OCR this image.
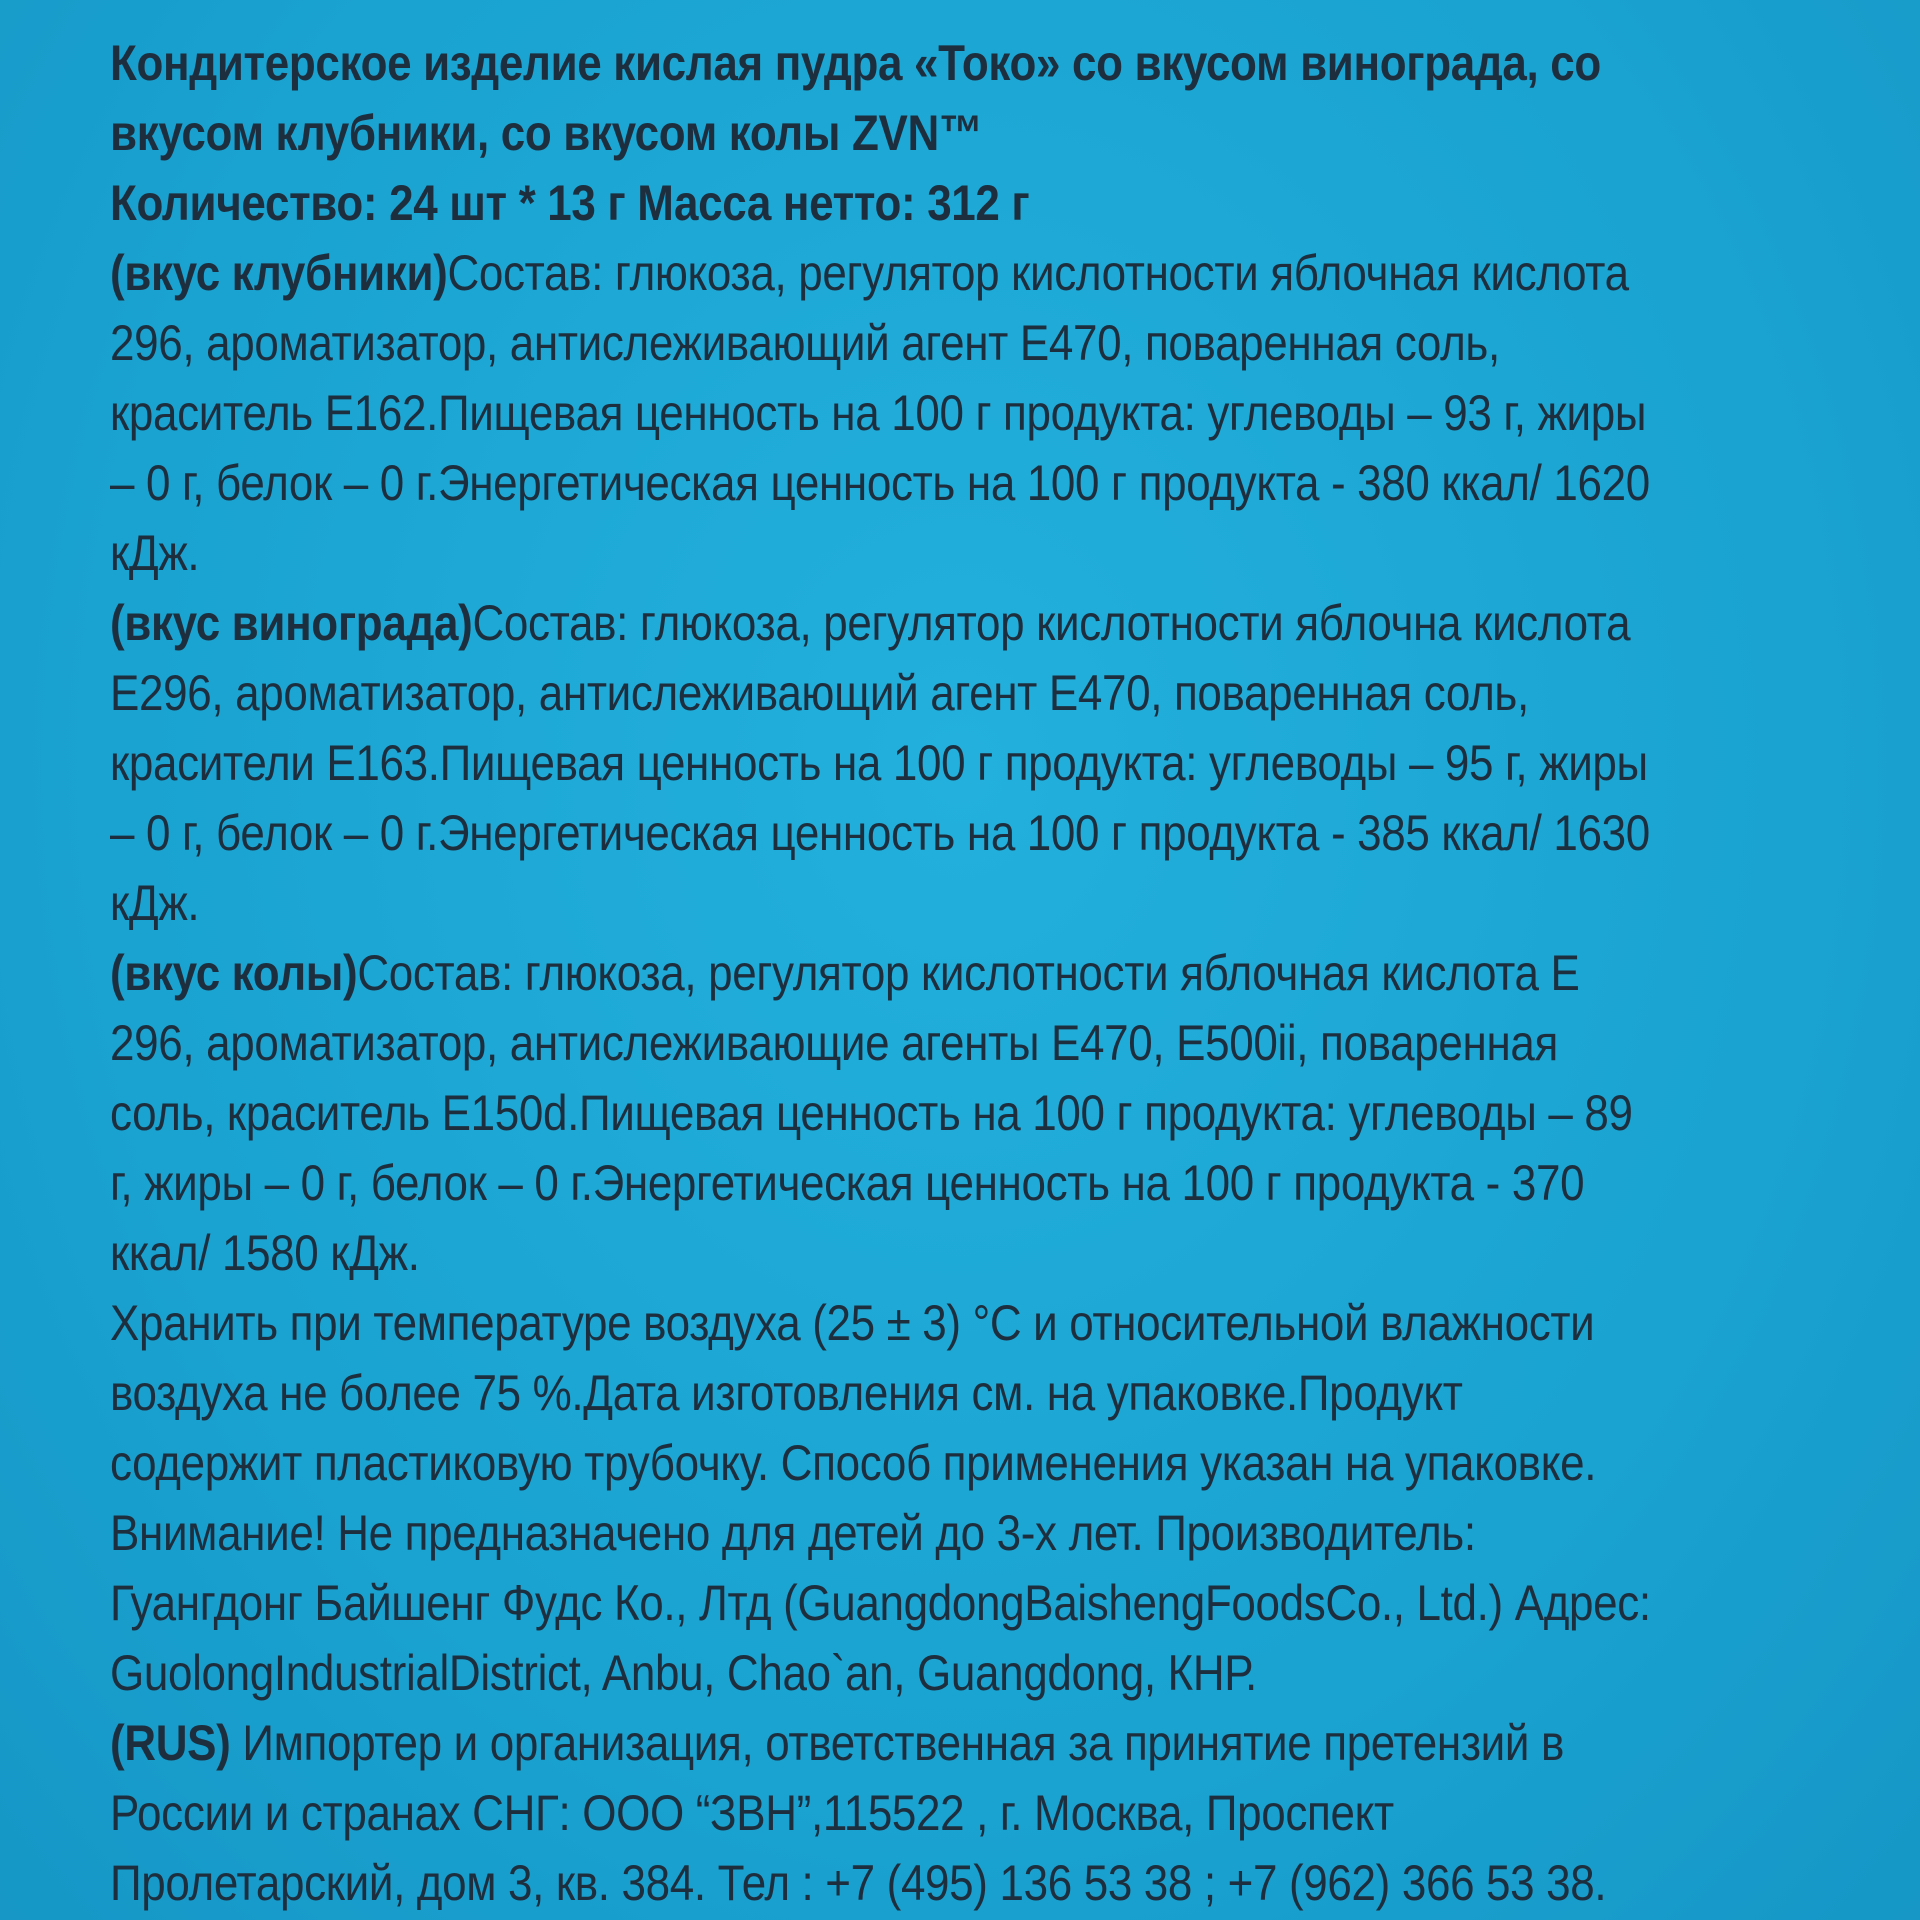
Кондитерское изделие кислая пудра «Токо» со вкусом винограда, со
вкусом клубники, со вкусом колы ZVN™
Количество: 24 шт * 13 г Масса нетто: 312 г
(вкус клубники)Состав: глюкоза, регулятор кислотности яблочная кислота
296, ароматизатор, антислеживающий агент Е470, поваренная соль,
краситель Е162.Пищевая ценность на 100 г продукта: углеводы – 93 г, жиры
– 0 г, белок – 0 г.Энергетическая ценность на 100 г продукта - 380 ккал/ 1620
кДж.
(вкус винограда)Состав: глюкоза, регулятор кислотности яблочна кислота
Е296, ароматизатор, антислеживающий агент Е470, поваренная соль,
красители Е163.Пищевая ценность на 100 г продукта: углеводы – 95 г, жиры
– 0 г, белок – 0 г.Энергетическая ценность на 100 г продукта - 385 ккал/ 1630
кДж.
(вкус колы)Состав: глюкоза, регулятор кислотности яблочная кислота Е
296, ароматизатор, антислеживающие агенты Е470, Е500ii, поваренная
соль, краситель Е150d.Пищевая ценность на 100 г продукта: углеводы – 89
г, жиры – 0 г, белок – 0 г.Энергетическая ценность на 100 г продукта - 370
ккал/ 1580 кДж.
Хранить при температуре воздуха (25 ± 3) °С и относительной влажности
воздуха не более 75 %.Дата изготовления см. на упаковке.Продукт
содержит пластиковую трубочку. Способ применения указан на упаковке.
Внимание! Не предназначено для детей до 3-х лет. Производитель:
Гуангдонг Байшенг Фудс Ко., Лтд (GuangdongBaishengFoodsCo., Ltd.) Адрес:
GuolongIndustrialDistrict, Anbu, Chao`an, Guangdong, КНР.
(RUS) Импортер и организация, ответственная за принятие претензий в
России и странах СНГ: ООО “ЗВН”,115522 , г. Москва, Проспект
Пролетарский, дом 3, кв. 384. Тел : +7 (495) 136 53 38 ; +7 (962) 366 53 38.
